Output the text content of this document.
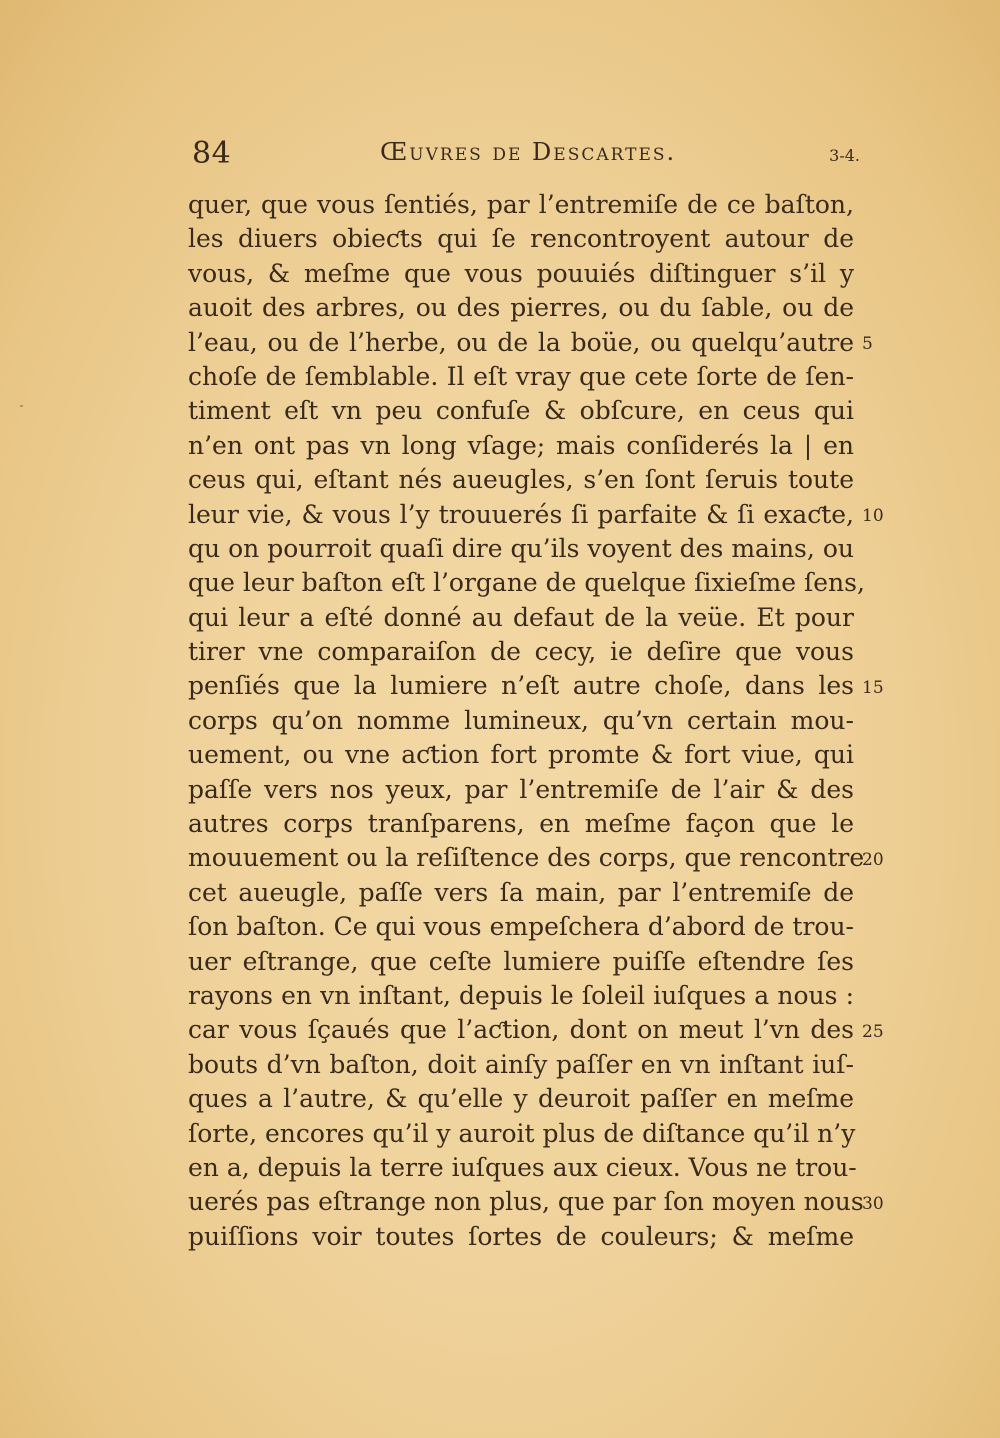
84	Œuvres de Descartes.	3-4.
quer, que vous ſentiés, par l’entremiſe de ce baſton,
les diuers obieƈts qui ſe rencontroyent autour de
vous, & meſme que vous pouuiés diſtinguer s’il y
auoit des arbres, ou des pierres, ou du ſable, ou de
l’eau, ou de l’herbe, ou de la boüe, ou quelqu’autre
choſe de ſemblable. Il eſt vray que cete ſorte de ſen-
timent eſt vn peu confuſe & obſcure, en ceus qui
n’en ont pas vn long vſage; mais conſiderés la | en
ceus qui, eſtant nés aueugles, s’en ſont ſeruis toute
leur vie, & vous l’y trouuerés ſi parfaite & ſi exaƈte,
qu on pourroit quaſi dire qu’ils voyent des mains, ou
que leur baſton eſt l’organe de quelque ſixieſme ſens,
qui leur a eſté donné au defaut de la veüe. Et pour
tirer vne comparaiſon de cecy, ie deſire que vous
penſiés que la lumiere n’eſt autre choſe, dans les
corps qu’on nomme lumineux, qu’vn certain mou-
uement, ou vne aƈtion fort promte & fort viue, qui
paſſe vers nos yeux, par l’entremiſe de l’air & des
autres corps tranſparens, en meſme façon que le
mouuement ou la reſiſtence des corps, que rencontre
cet aueugle, paſſe vers ſa main, par l’entremiſe de
ſon baſton. Ce qui vous empeſchera d’abord de trou-
uer eſtrange, que ceſte lumiere puiſſe eſtendre ſes
rayons en vn inſtant, depuis le ſoleil iuſques a nous :
car vous ſçaués que l’aƈtion, dont on meut l’vn des
bouts d’vn baſton, doit ainſy paſſer en vn inſtant iuſ-
ques a l’autre, & qu’elle y deuroit paſſer en meſme
ſorte, encores qu’il y auroit plus de diſtance qu’il n’y
en a, depuis la terre iuſques aux cieux. Vous ne trou-
uerés pas eſtrange non plus, que par ſon moyen nous
puiſſions voir toutes ſortes de couleurs; & meſme
5
10
15
20
25
30
